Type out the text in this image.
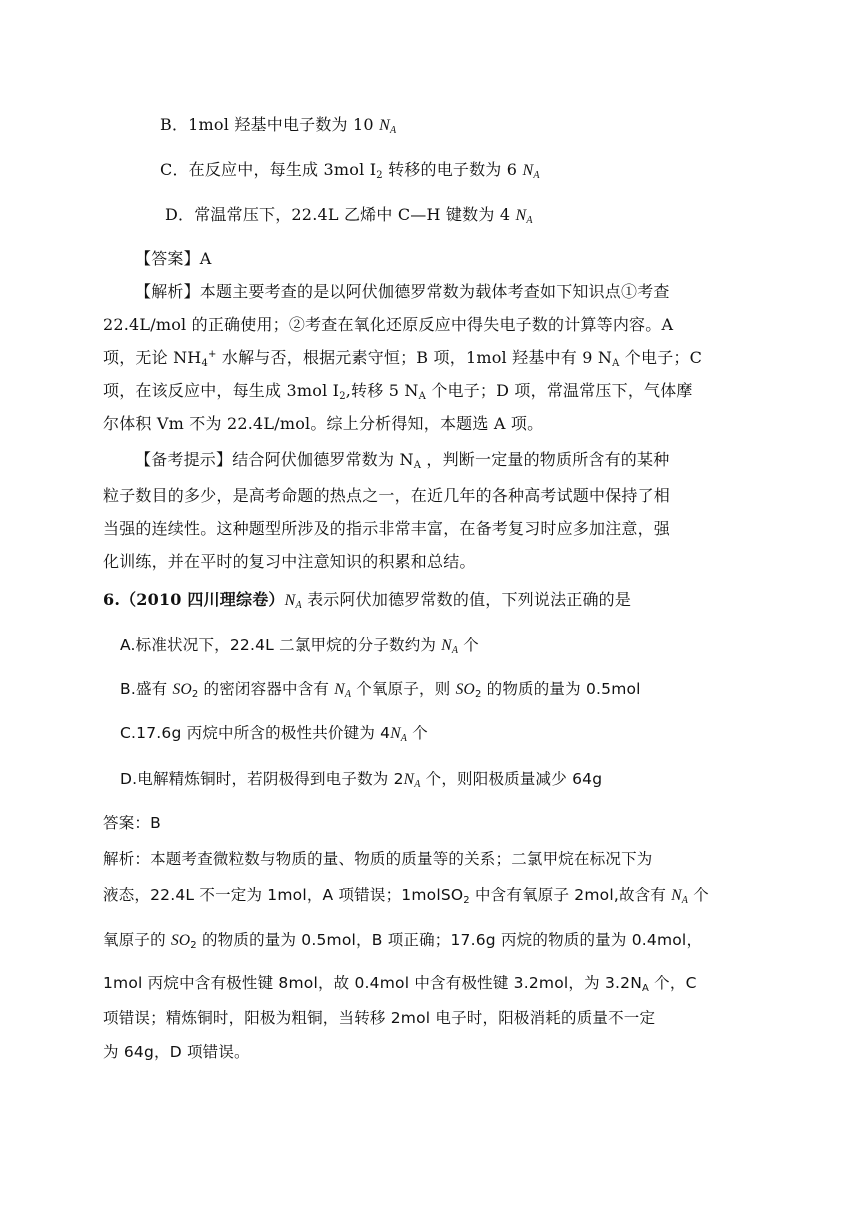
B．1mol 羟基中电子数为 10 $N_A$
C．在反应中，每生成 3mol $I_2$ 转移的电子数为 6 $N_A$
D．常温常压下，22.4L 乙烯中 C—H 键数为 4 $N_A$
【答案】A
【解析】本题主要考查的是以阿伏伽德罗常数为载体考查如下知识点①考查
22.4L/mol 的正确使用；②考查在氧化还原反应中得失电子数的计算等内容。A
项，无论 $NH_4^+$ 水解与否，根据元素守恒；B 项，1mol 羟基中有 9 $N_A$ 个电子；C
项，在该反应中，每生成 3mol $I_2$,转移 5 $N_A$ 个电子；D 项，常温常压下，气体摩
尔体积 Vm 不为 22.4L/mol。综上分析得知，本题选 A 项。
【备考提示】结合阿伏伽德罗常数为 $N_A$ ，判断一定量的物质所含有的某种
粒子数目的多少，是高考命题的热点之一，在近几年的各种高考试题中保持了相
当强的连续性。这种题型所涉及的指示非常丰富，在备考复习时应多加注意，强
化训练，并在平时的复习中注意知识的积累和总结。
6.（2010 四川理综卷）$N_A$ 表示阿伏加德罗常数的值，下列说法正确的是
A.标准状况下，22.4L 二氯甲烷的分子数约为 $N_A$ 个
B.盛有 $SO_2$ 的密闭容器中含有 $N_A$ 个氧原子，则 $SO_2$ 的物质的量为 0.5mol
C.17.6g 丙烷中所含的极性共价键为 $4N_A$ 个
D.电解精炼铜时，若阴极得到电子数为 $2N_A$ 个，则阳极质量减少 64g
答案：B
解析：本题考查微粒数与物质的量、物质的质量等的关系；二氯甲烷在标况下为
液态，22.4L 不一定为 1mol，A 项错误；1molSO$_2$ 中含有氧原子 2mol,故含有 $N_A$ 个
氧原子的 $SO_2$ 的物质的量为 0.5mol，B 项正确；17.6g 丙烷的物质的量为 0.4mol，
1mol 丙烷中含有极性键 8mol，故 0.4mol 中含有极性键 3.2mol，为 $3.2N_A$ 个，C
项错误；精炼铜时，阳极为粗铜，当转移 2mol 电子时，阳极消耗的质量不一定
为 64g，D 项错误。
